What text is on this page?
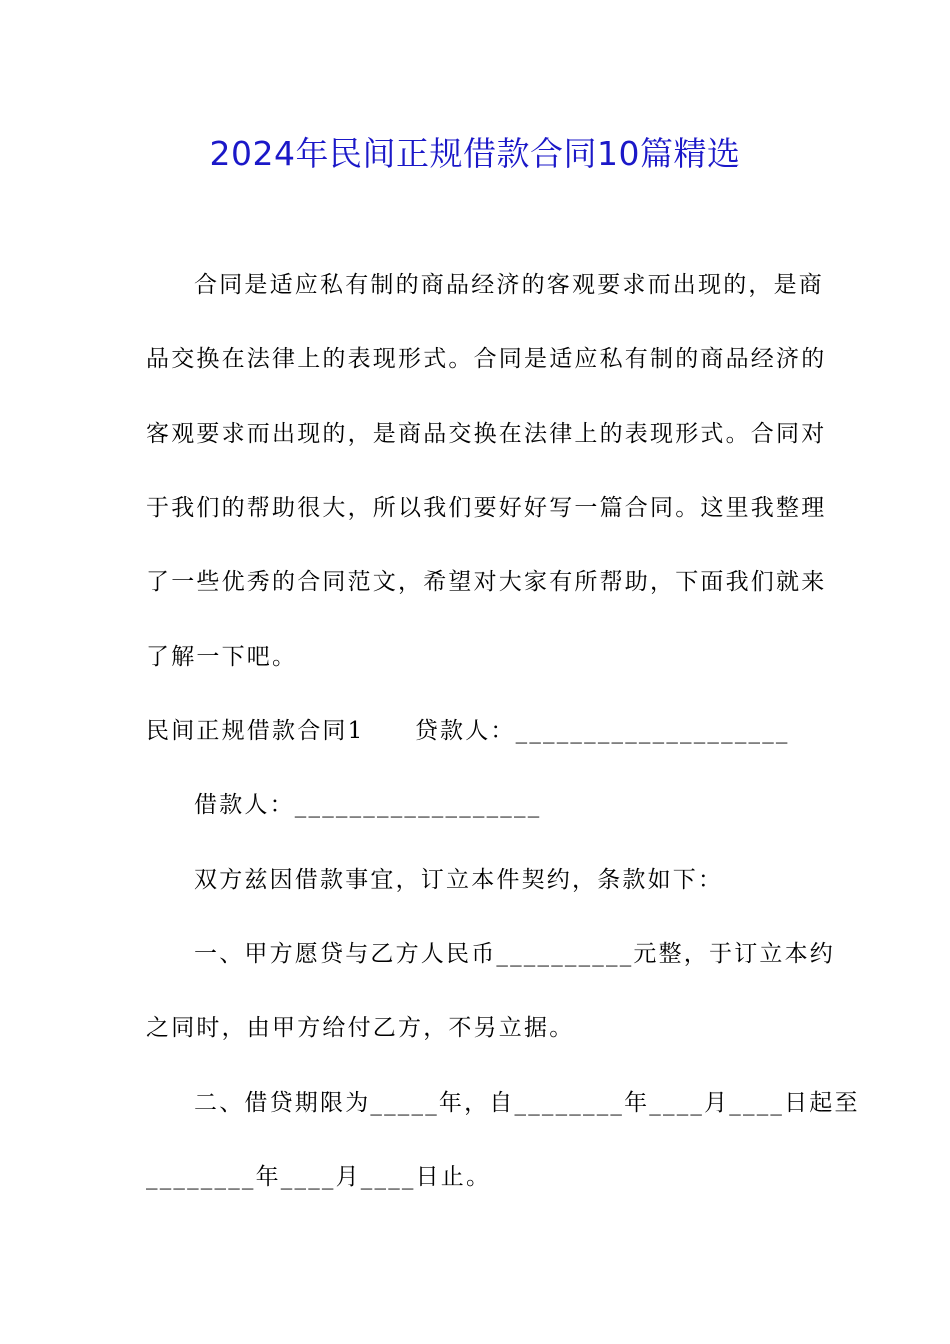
2024年民间正规借款合同10篇精选
合同是适应私有制的商品经济的客观要求而出现的，是商
品交换在法律上的表现形式。合同是适应私有制的商品经济的
客观要求而出现的，是商品交换在法律上的表现形式。合同对
于我们的帮助很大，所以我们要好好写一篇合同。这里我整理
了一些优秀的合同范文，希望对大家有所帮助，下面我们就来
了解一下吧。
民间正规借款合同1　　贷款人：____________________
借款人：__________________
双方兹因借款事宜，订立本件契约，条款如下：
一、甲方愿贷与乙方人民币__________元整，于订立本约
之同时，由甲方给付乙方，不另立据。
二、借贷期限为_____年，自________年____月____日起至
________年____月____日止。
